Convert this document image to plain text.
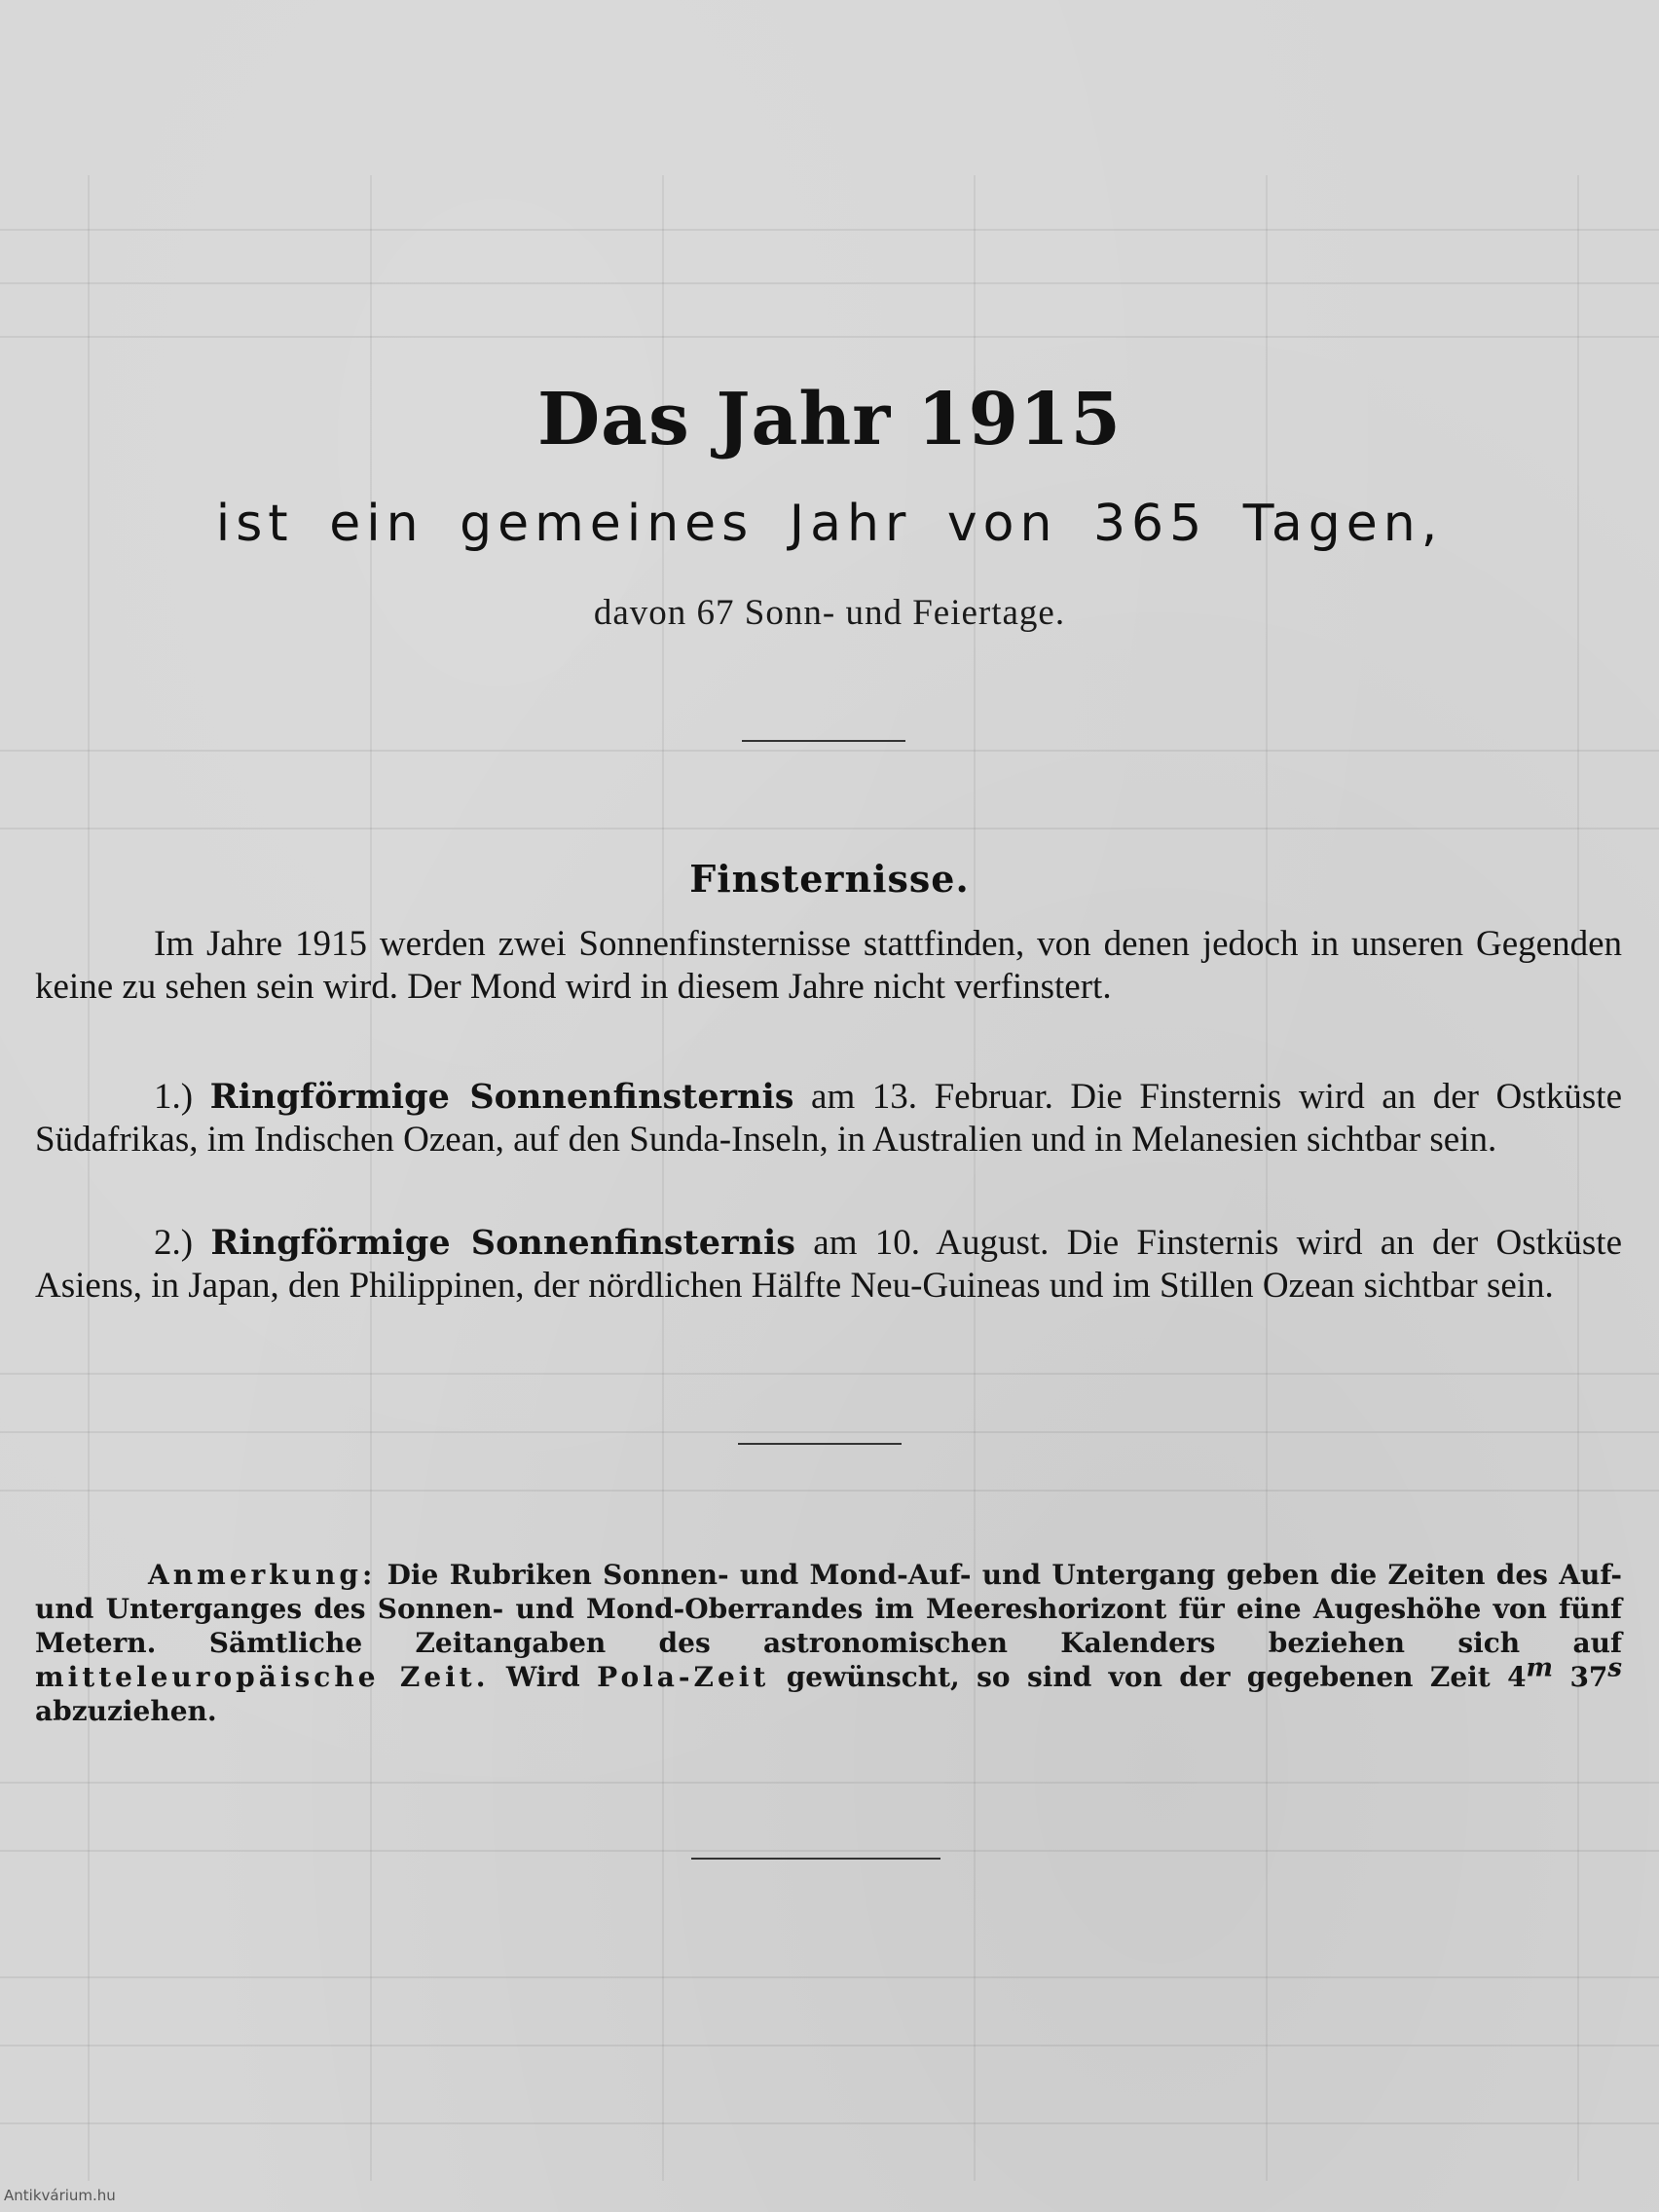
Das Jahr 1915
ist ein gemeines Jahr von 365 Tagen,
davon 67 Sonn- und Feiertage.
Finsternisse.
Im Jahre 1915 werden zwei Sonnenfinsternisse stattfinden, von denen jedoch in unseren Gegenden keine zu sehen sein wird. Der Mond wird in diesem Jahre nicht verfinstert.
1.) Ringförmige Sonnenfinsternis am 13. Februar. Die Finsternis wird an der Ostküste Südafrikas, im Indischen Ozean, auf den Sunda-Inseln, in Australien und in Melanesien sichtbar sein.
2.) Ringförmige Sonnenfinsternis am 10. August. Die Finsternis wird an der Ostküste Asiens, in Japan, den Philippinen, der nördlichen Hälfte Neu-Guineas und im Stillen Ozean sichtbar sein.
Anmerkung: Die Rubriken Sonnen- und Mond-Auf- und Untergang geben die Zeiten des Auf- und Unterganges des Sonnen- und Mond-Oberrandes im Meereshorizont für eine Augeshöhe von fünf Metern. Sämtliche Zeitangaben des astronomischen Kalenders beziehen sich auf mitteleuropäische Zeit. Wird Pola-Zeit gewünscht, so sind von der gegebenen Zeit 4$^m$ 37$^s$ abzuziehen.
Antikvárium.hu
